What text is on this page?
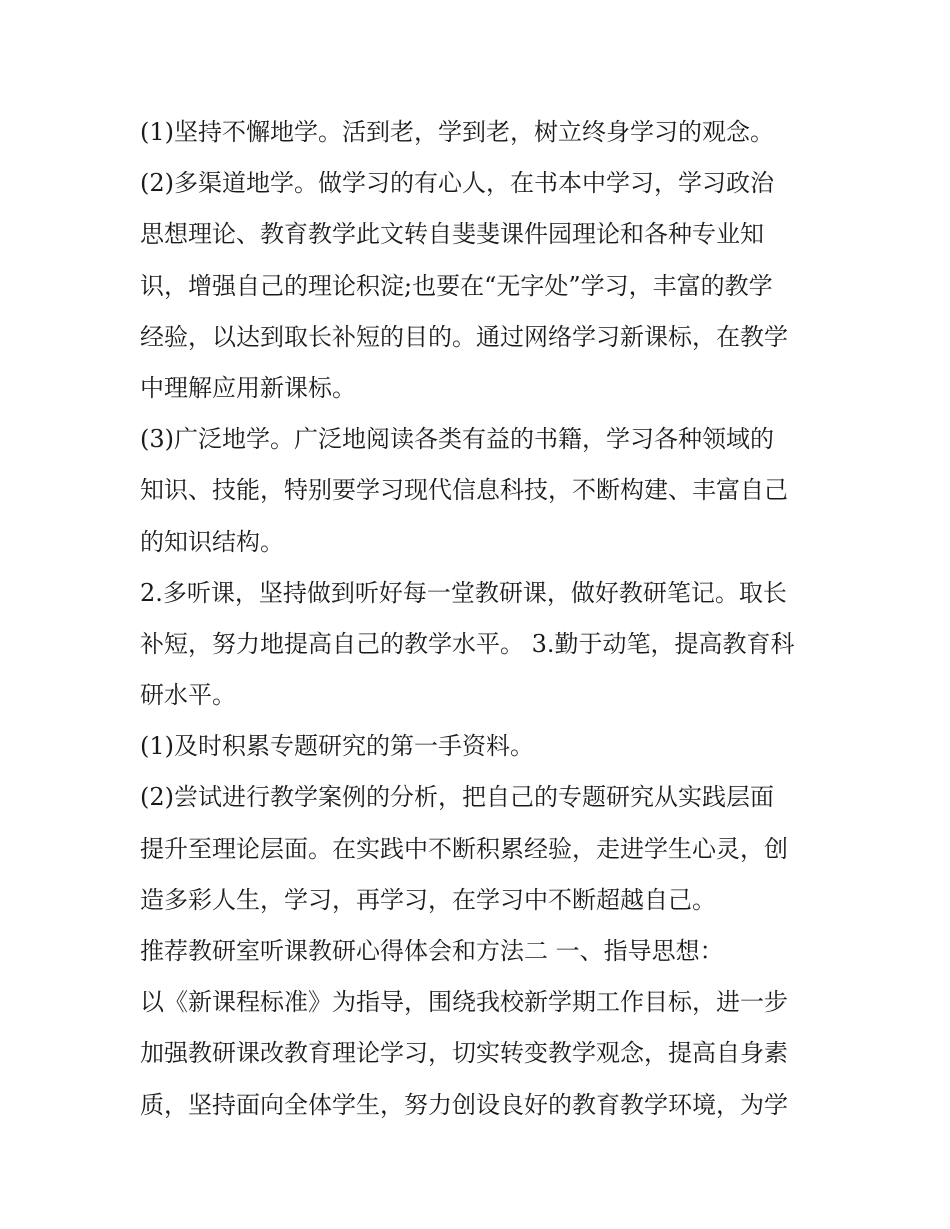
(1)坚持不懈地学。活到老，学到老，树立终身学习的观念。
(2)多渠道地学。做学习的有心人，在书本中学习，学习政治
思想理论、教育教学此文转自斐斐课件园理论和各种专业知
识，增强自己的理论积淀;也要在“无字处”学习，丰富的教学
经验，以达到取长补短的目的。通过网络学习新课标，在教学
中理解应用新课标。
(3)广泛地学。广泛地阅读各类有益的书籍，学习各种领域的
知识、技能，特别要学习现代信息科技，不断构建、丰富自己
的知识结构。
2.多听课，坚持做到听好每一堂教研课，做好教研笔记。取长
补短，努力地提高自己的教学水平。 3.勤于动笔，提高教育科
研水平。
(1)及时积累专题研究的第一手资料。
(2)尝试进行教学案例的分析，把自己的专题研究从实践层面
提升至理论层面。在实践中不断积累经验，走进学生心灵，创
造多彩人生，学习，再学习，在学习中不断超越自己。
推荐教研室听课教研心得体会和方法二 一、指导思想：
以《新课程标准》为指导，围绕我校新学期工作目标，进一步
加强教研课改教育理论学习，切实转变教学观念，提高自身素
质，坚持面向全体学生，努力创设良好的教育教学环境，为学
